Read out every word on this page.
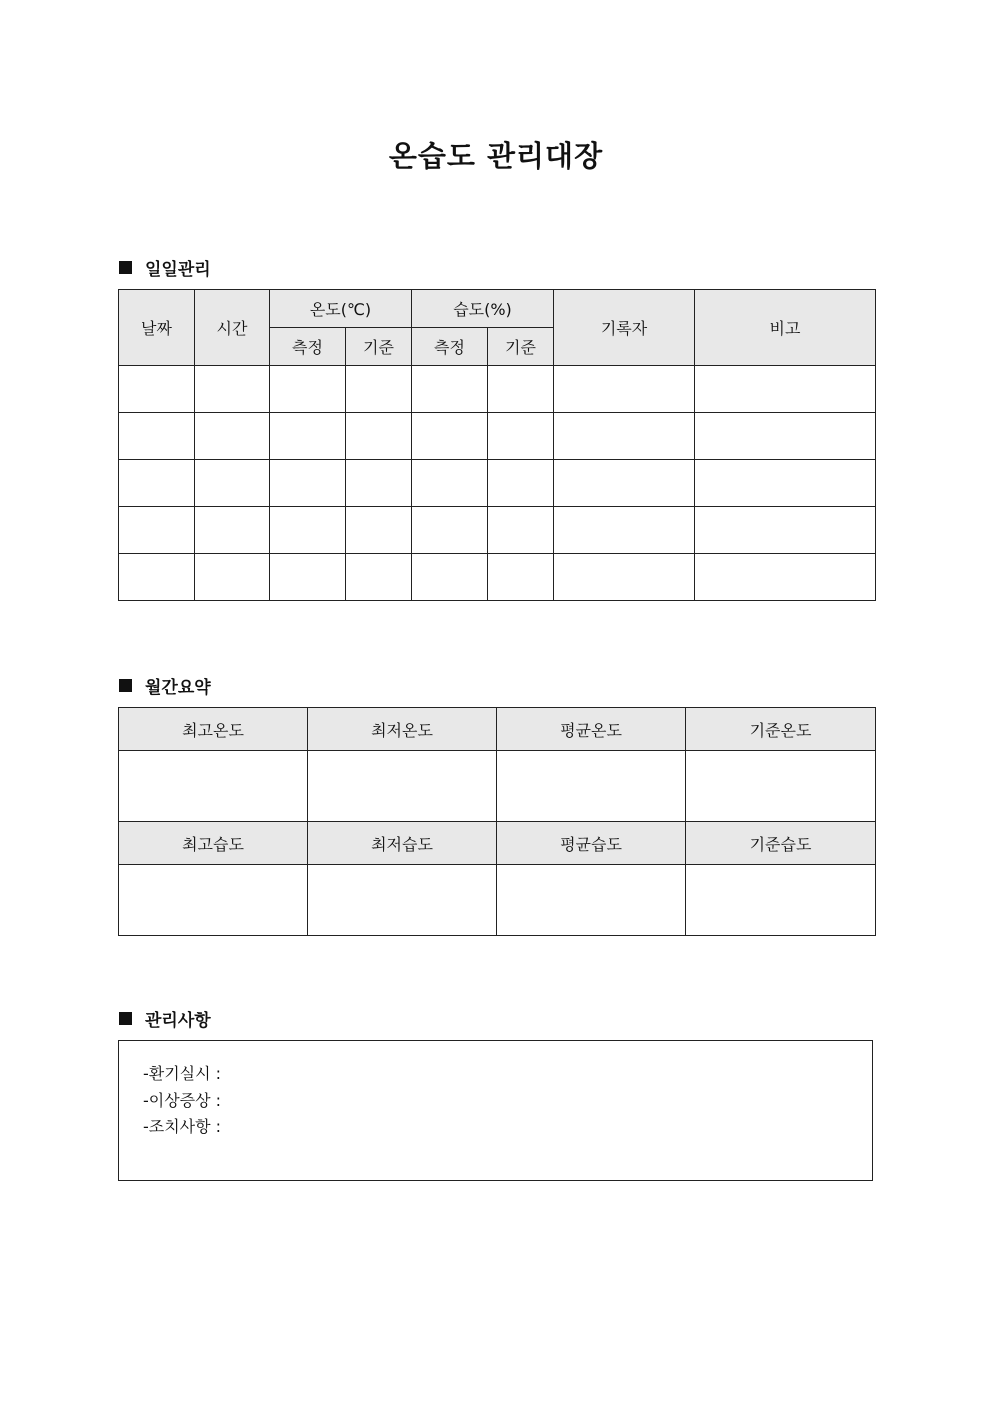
온습도 관리대장
일일관리
날짜	시간	온도(℃)		습도(%)		기록자	비고
		측정	기준	측정	기준		

월간요약
최고온도	최저온도	평균온도	기준온도

최고습도	최저습도	평균습도	기준습도

관리사항
-환기실시 :
-이상증상 :
-조치사항 :
